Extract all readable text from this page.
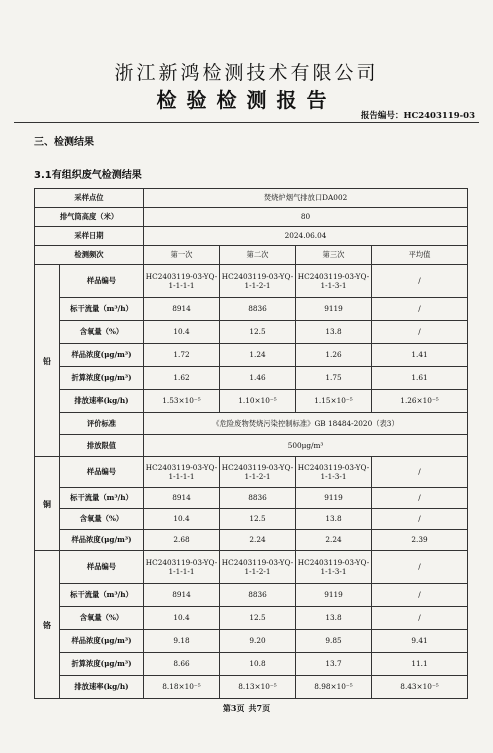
浙江新鸿检测技术有限公司
检验检测报告
报告编号：HC2403119-03
三、检测结果
3.1有组织废气检测结果
采样点位		焚烧炉烟气排放口DA002			
排气筒高度（米）		80			
采样日期		2024.06.04			
检测频次		第一次	第二次	第三次	平均值
铅	样品编号	HC2403119-03-YQ-1-1-1-1	HC2403119-03-YQ-1-1-2-1	HC2403119-03-YQ-1-1-3-1	/
	标干流量（m³/h）	8914	8836	9119	/
	含氧量（%）	10.4	12.5	13.8	/
	样品浓度(μg/m³)	1.72	1.24	1.26	1.41
	折算浓度(μg/m³)	1.62	1.46	1.75	1.61
	排放速率(kg/h)	1.53×10⁻⁵	1.10×10⁻⁵	1.15×10⁻⁵	1.26×10⁻⁵
	评价标准	《危险废物焚烧污染控制标准》GB 18484-2020（表3）			
	排放限值	500μg/m³			
铜	样品编号	HC2403119-03-YQ-1-1-1-1	HC2403119-03-YQ-1-1-2-1	HC2403119-03-YQ-1-1-3-1	/
	标干流量（m³/h）	8914	8836	9119	/
	含氧量（%）	10.4	12.5	13.8	/
	样品浓度(μg/m³)	2.68	2.24	2.24	2.39
铬	样品编号	HC2403119-03-YQ-1-1-1-1	HC2403119-03-YQ-1-1-2-1	HC2403119-03-YQ-1-1-3-1	/
	标干流量（m³/h）	8914	8836	9119	/
	含氧量（%）	10.4	12.5	13.8	/
	样品浓度(μg/m³)	9.18	9.20	9.85	9.41
	折算浓度(μg/m³)	8.66	10.8	13.7	11.1
	排放速率(kg/h)	8.18×10⁻⁵	8.13×10⁻⁵	8.98×10⁻⁵	8.43×10⁻⁵
第3页 共7页
